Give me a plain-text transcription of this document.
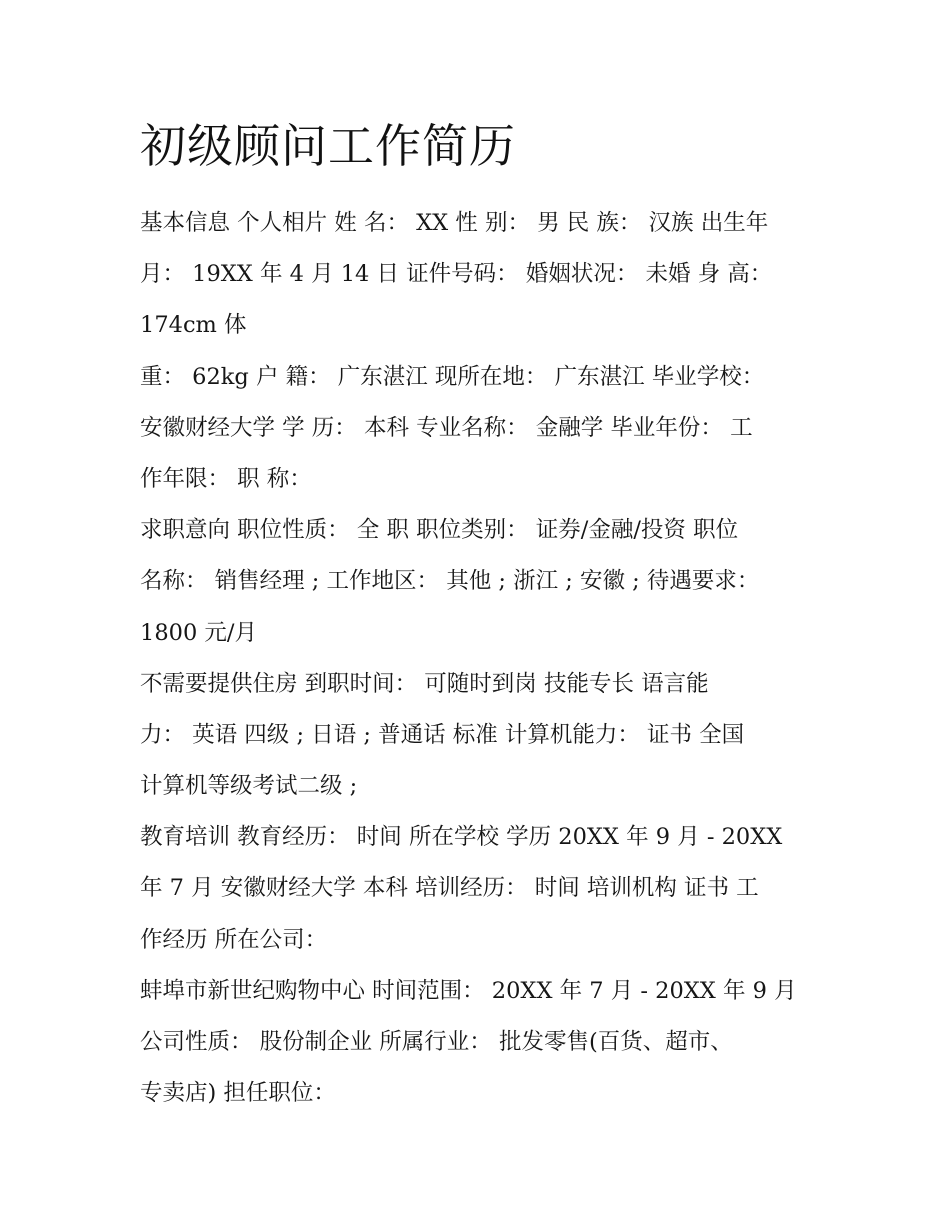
初级顾问工作简历
基本信息 个人相片 姓 名： XX 性 别： 男 民 族： 汉族 出生年
月： 19XX 年 4 月 14 日 证件号码： 婚姻状况： 未婚 身 高：
174cm 体
重： 62kg 户 籍： 广东湛江 现所在地： 广东湛江 毕业学校：
安徽财经大学 学 历： 本科 专业名称： 金融学 毕业年份： 工
作年限： 职 称：
求职意向 职位性质： 全 职 职位类别： 证券/金融/投资 职位
名称： 销售经理 ; 工作地区： 其他 ; 浙江 ; 安徽 ; 待遇要求：
1800 元/月
不需要提供住房 到职时间： 可随时到岗 技能专长 语言能
力： 英语 四级 ; 日语 ; 普通话 标准 计算机能力： 证书 全国
计算机等级考试二级 ;
教育培训 教育经历： 时间 所在学校 学历 20XX 年 9 月 - 20XX
年 7 月 安徽财经大学 本科 培训经历： 时间 培训机构 证书 工
作经历 所在公司：
蚌埠市新世纪购物中心 时间范围： 20XX 年 7 月 - 20XX 年 9 月
公司性质： 股份制企业 所属行业： 批发零售(百货、超市、
专卖店) 担任职位：
